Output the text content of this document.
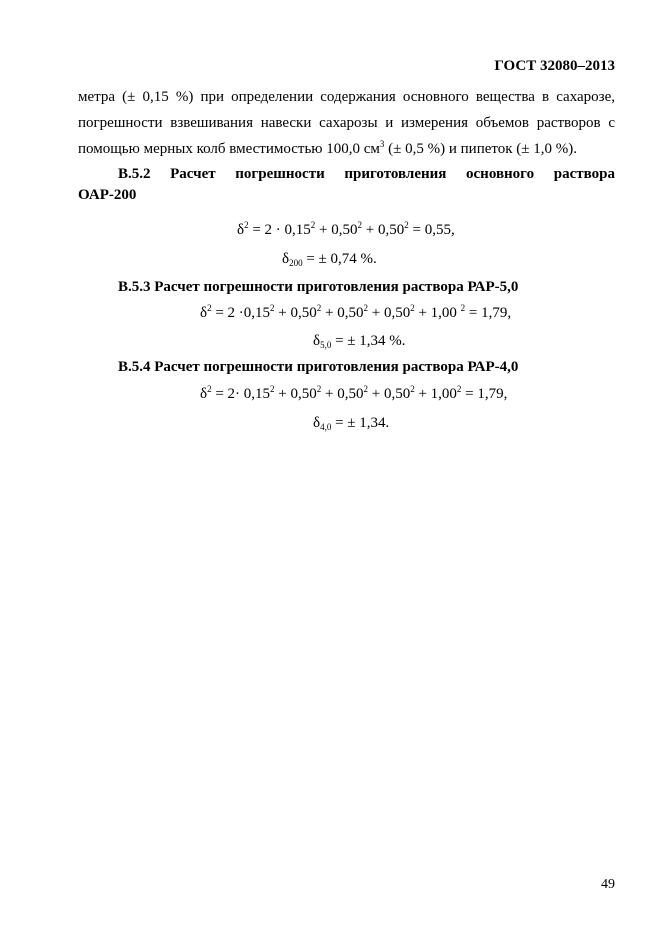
ГОСТ 32080–2013
метра (± 0,15 %) при определении содержания основного вещества в сахарозе,
погрешности взвешивания навески сахарозы и измерения объемов растворов с
помощью мерных колб вместимостью 100,0 $см^3$ (± 0,5 %) и пипеток (± 1,0 %).
В.5.2 Расчет погрешности приготовления основного раствора
ОАР-200
$\delta^2 = 2 \cdot 0,15^2 + 0,50^2 + 0,50^2 = 0,55$,
$\delta_{200}$ = ± 0,74 %.
В.5.3 Расчет погрешности приготовления раствора РАР-5,0
$\delta^2 = 2 \cdot 0,15^2 + 0,50^2 + 0,50^2 + 0,50^2 + 1,00$ $^2$ = 1,79,
$\delta_{5,0}$ = ± 1,34 %.
В.5.4 Расчет погрешности приготовления раствора РАР-4,0
$\delta^2 = 2\cdot 0,15^2 + 0,50^2 + 0,50^2 + 0,50^2 + 1,00^2 = 1,79$,
$\delta_{4,0}$ = ± 1,34.
49
